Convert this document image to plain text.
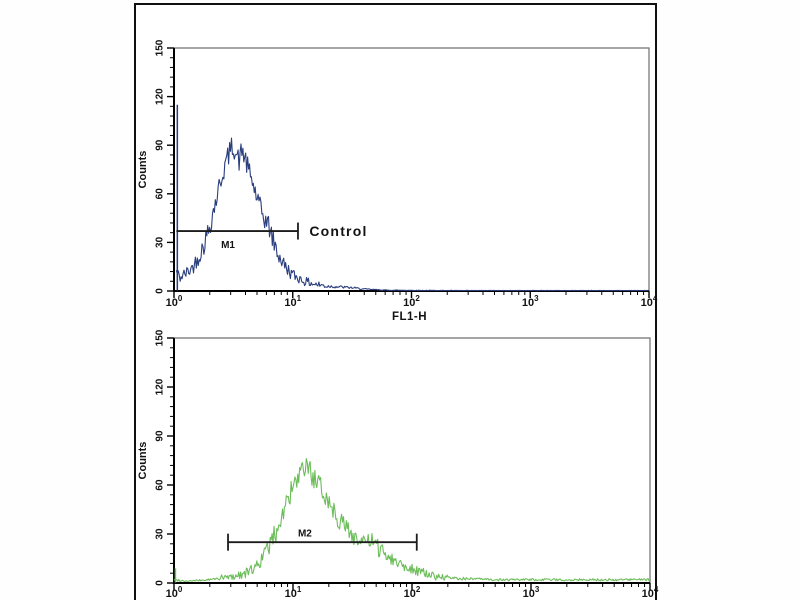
0
30
60
90
120
150
Counts
$10^0$	$10^1$	$10^2$	$10^3$	$10^4$
FL1-H
M1
Control
0
30
60
90
120
150
Counts
$10^0$	$10^1$	$10^2$	$10^3$	$10^4$
M2
